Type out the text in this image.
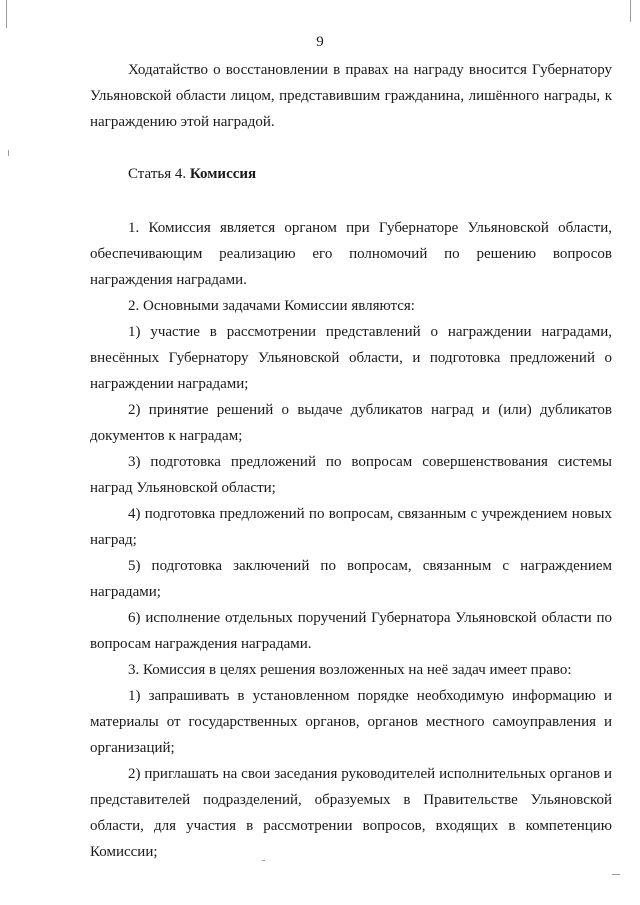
9

Ходатайство о восстановлении в правах на награду вносится Губернатору Ульяновской области лицом, представившим гражданина, лишённого награды, к награждению этой наградой.

Статья 4. Комиссия

1. Комиссия является органом при Губернаторе Ульяновской области, обеспечивающим реализацию его полномочий по решению вопросов награждения наградами.

2. Основными задачами Комиссии являются:

1) участие в рассмотрении представлений о награждении наградами, внесённых Губернатору Ульяновской области, и подготовка предложений о награждении наградами;

2) принятие решений о выдаче дубликатов наград и (или) дубликатов документов к наградам;

3) подготовка предложений по вопросам совершенствования системы наград Ульяновской области;

4) подготовка предложений по вопросам, связанным с учреждением новых наград;

5) подготовка заключений по вопросам, связанным с награждением наградами;

6) исполнение отдельных поручений Губернатора Ульяновской области по вопросам награждения наградами.

3. Комиссия в целях решения возложенных на неё задач имеет право:

1) запрашивать в установленном порядке необходимую информацию и материалы от государственных органов, органов местного самоуправления и организаций;

2) приглашать на свои заседания руководителей исполнительных органов и представителей подразделений, образуемых в Правительстве Ульяновской области, для участия в рассмотрении вопросов, входящих в компетенцию Комиссии;
